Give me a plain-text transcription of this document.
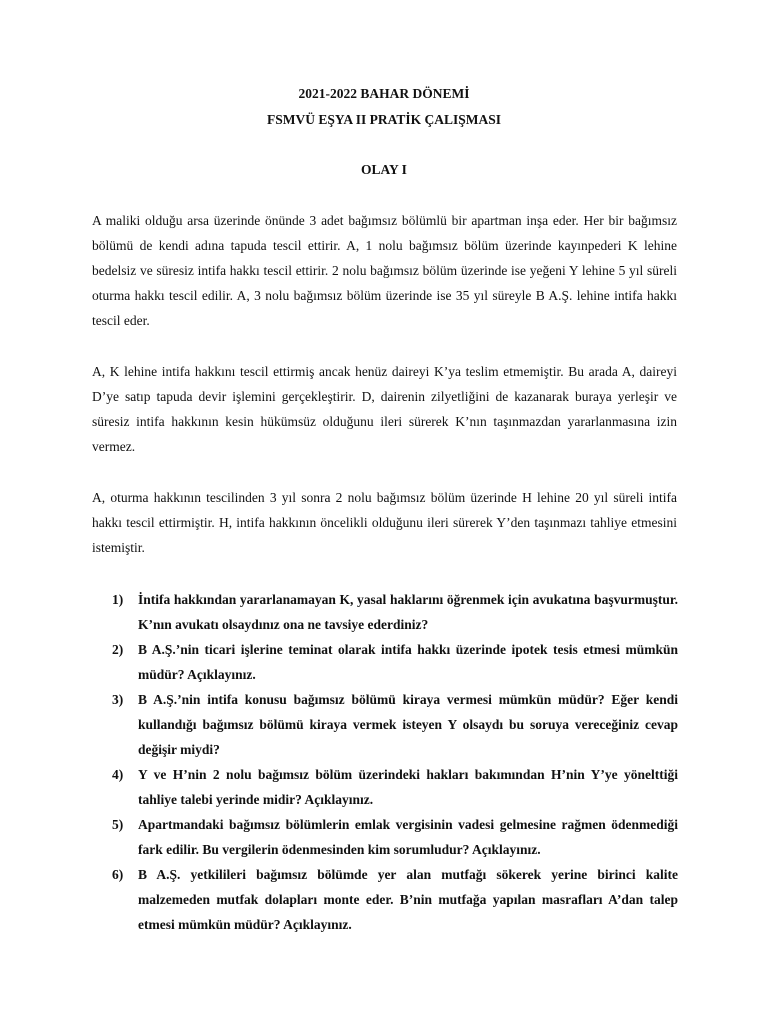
2021-2022 BAHAR DÖNEMİ
FSMVÜ EŞYA II PRATİK ÇALIŞMASI
OLAY I

A maliki olduğu arsa üzerinde önünde 3 adet bağımsız bölümlü bir apartman inşa eder. Her bir bağımsız bölümü de kendi adına tapuda tescil ettirir. A, 1 nolu bağımsız bölüm üzerinde kayınpederi K lehine bedelsiz ve süresiz intifa hakkı tescil ettirir. 2 nolu bağımsız bölüm üzerinde ise yeğeni Y lehine 5 yıl süreli oturma hakkı tescil edilir. A, 3 nolu bağımsız bölüm üzerinde ise 35 yıl süreyle B A.Ş. lehine intifa hakkı tescil eder.

A, K lehine intifa hakkını tescil ettirmiş ancak henüz daireyi K’ya teslim etmemiştir. Bu arada A, daireyi D’ye satıp tapuda devir işlemini gerçekleştirir. D, dairenin zilyetliğini de kazanarak buraya yerleşir ve süresiz intifa hakkının kesin hükümsüz olduğunu ileri sürerek K’nın taşınmazdan yararlanmasına izin vermez.

A, oturma hakkının tescilinden 3 yıl sonra 2 nolu bağımsız bölüm üzerinde H lehine 20 yıl süreli intifa hakkı tescil ettirmiştir. H, intifa hakkının öncelikli olduğunu ileri sürerek Y’den taşınmazı tahliye etmesini istemiştir.

1) İntifa hakkından yararlanamayan K, yasal haklarını öğrenmek için avukatına başvurmuştur. K’nın avukatı olsaydınız ona ne tavsiye ederdiniz?
2) B A.Ş.’nin ticari işlerine teminat olarak intifa hakkı üzerinde ipotek tesis etmesi mümkün müdür? Açıklayınız.
3) B A.Ş.’nin intifa konusu bağımsız bölümü kiraya vermesi mümkün müdür? Eğer kendi kullandığı bağımsız bölümü kiraya vermek isteyen Y olsaydı bu soruya vereceğiniz cevap değişir miydi?
4) Y ve H’nin 2 nolu bağımsız bölüm üzerindeki hakları bakımından H’nin Y’ye yönelttiği tahliye talebi yerinde midir? Açıklayınız.
5) Apartmandaki bağımsız bölümlerin emlak vergisinin vadesi gelmesine rağmen ödenmediği fark edilir. Bu vergilerin ödenmesinden kim sorumludur? Açıklayınız.
6) B A.Ş. yetkilileri bağımsız bölümde yer alan mutfağı sökerek yerine birinci kalite malzemeden mutfak dolapları monte eder. B’nin mutfağa yapılan masrafları A’dan talep etmesi mümkün müdür? Açıklayınız.
